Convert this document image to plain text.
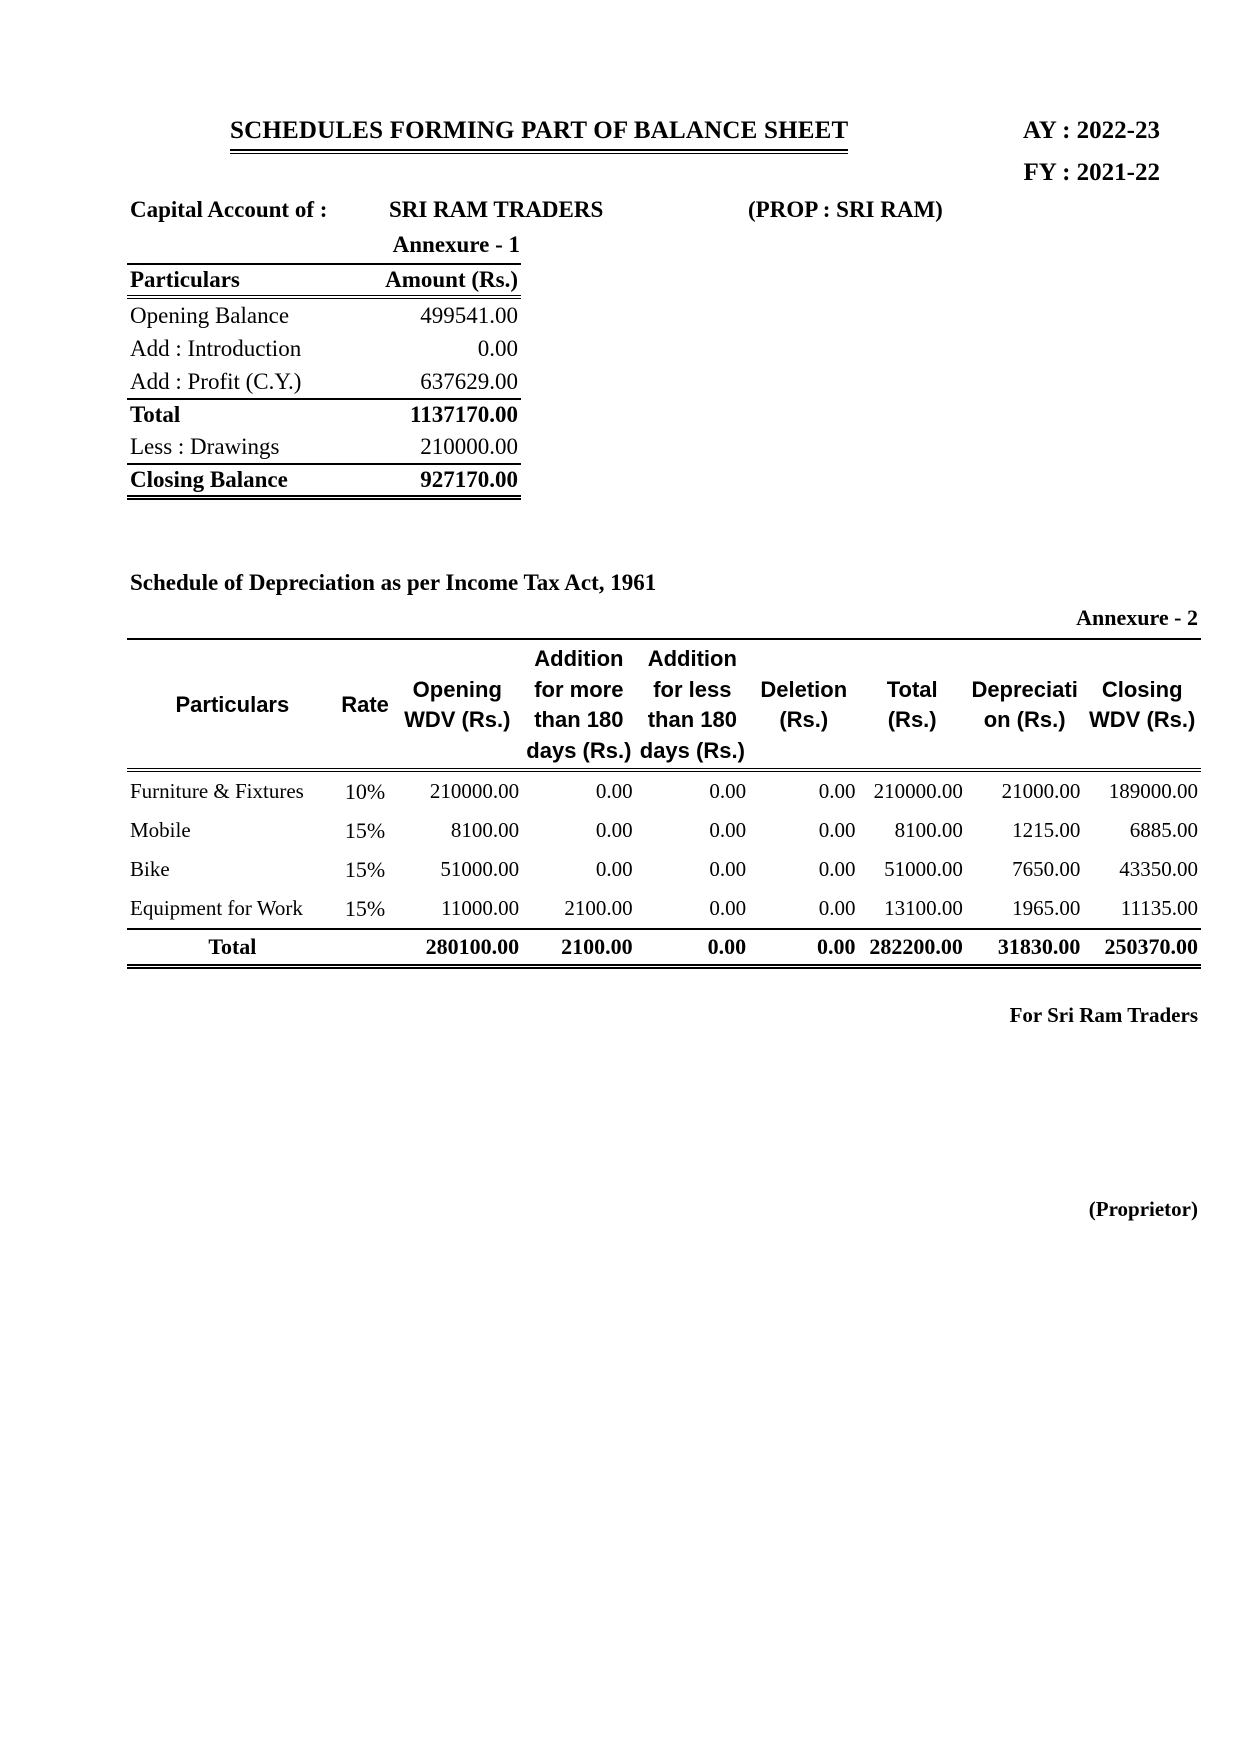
SCHEDULES FORMING PART OF BALANCE SHEET	AY : 2022-23
FY : 2021-22
Capital Account of :	SRI RAM TRADERS	(PROP : SRI RAM)
Annexure - 1
Particulars	Amount (Rs.)
Opening Balance	499541.00
Add : Introduction	0.00
Add : Profit (C.Y.)	637629.00
Total	1137170.00
Less : Drawings	210000.00
Closing Balance	927170.00
Schedule of Depreciation as per Income Tax Act, 1961
Annexure - 2
Particulars	Rate	Opening WDV (Rs.)	Addition for more than 180 days (Rs.)	Addition for less than 180 days (Rs.)	Deletion (Rs.)	Total (Rs.)	Depreciati on (Rs.)	Closing WDV (Rs.)
Furniture & Fixtures	10%	210000.00	0.00	0.00	0.00	210000.00	21000.00	189000.00
Mobile	15%	8100.00	0.00	0.00	0.00	8100.00	1215.00	6885.00
Bike	15%	51000.00	0.00	0.00	0.00	51000.00	7650.00	43350.00
Equipment for Work	15%	11000.00	2100.00	0.00	0.00	13100.00	1965.00	11135.00
Total		280100.00	2100.00	0.00	0.00	282200.00	31830.00	250370.00
For Sri Ram Traders
(Proprietor)
